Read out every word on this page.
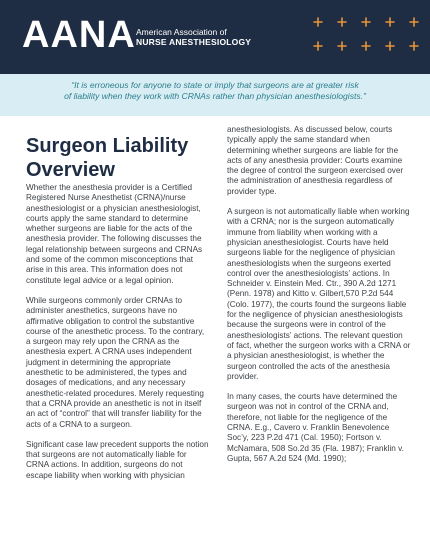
AANA American Association of
NURSE ANESTHESIOLOGY
“It is erroneous for anyone to state or imply that surgeons are at greater risk
of liability when they work with CRNAs rather than physician anesthesiologists.”
Surgeon Liability
Overview

Whether the anesthesia provider is a Certified Registered Nurse Anesthetist (CRNA)/nurse anesthesiologist or a physician anesthesiologist, courts apply the same standard to determine whether surgeons are liable for the acts of the anesthesia provider. The following discusses the legal relationship between surgeons and CRNAs and some of the common misconceptions that arise in this area. This information does not constitute legal advice or a legal opinion.

While surgeons commonly order CRNAs to administer anesthetics, surgeons have no affirmative obligation to control the substantive course of the anesthetic process. To the contrary, a surgeon may rely upon the CRNA as the anesthesia expert. A CRNA uses independent judgment in determining the appropriate anesthetic to be administered, the types and dosages of medications, and any necessary anesthetic-related procedures. Merely requesting that a CRNA provide an anesthetic is not in itself an act of “control” that will transfer liability for the acts of a CRNA to a surgeon.

Significant case law precedent supports the notion that surgeons are not automatically liable for CRNA actions. In addition, surgeons do not escape liability when working with physician

anesthesiologists. As discussed below, courts typically apply the same standard when determining whether surgeons are liable for the acts of any anesthesia provider: Courts examine the degree of control the surgeon exercised over the administration of anesthesia regardless of provider type.

A surgeon is not automatically liable when working with a CRNA; nor is the surgeon automatically immune from liability when working with a physician anesthesiologist. Courts have held surgeons liable for the negligence of physician anesthesiologists when the surgeons exerted control over the anesthesiologists’ actions. In Schneider v. Einstein Med. Ctr., 390 A.2d 1271 (Penn. 1978) and Kitto v. Gilbert,570 P.2d 544 (Colo. 1977), the courts found the surgeons liable for the negligence of physician anesthesiologists because the surgeons were in control of the anesthesiologists’ actions. The relevant question of fact, whether the surgeon works with a CRNA or a physician anesthesiologist, is whether the surgeon controlled the acts of the anesthesia provider.

In many cases, the courts have determined the surgeon was not in control of the CRNA and, therefore, not liable for the negligence of the CRNA. E.g., Cavero v. Franklin Benevolence Soc’y, 223 P.2d 471 (Cal. 1950); Fortson v. McNamara, 508 So.2d 35 (Fla. 1987); Franklin v. Gupta, 567 A.2d 524 (Md. 1990);
